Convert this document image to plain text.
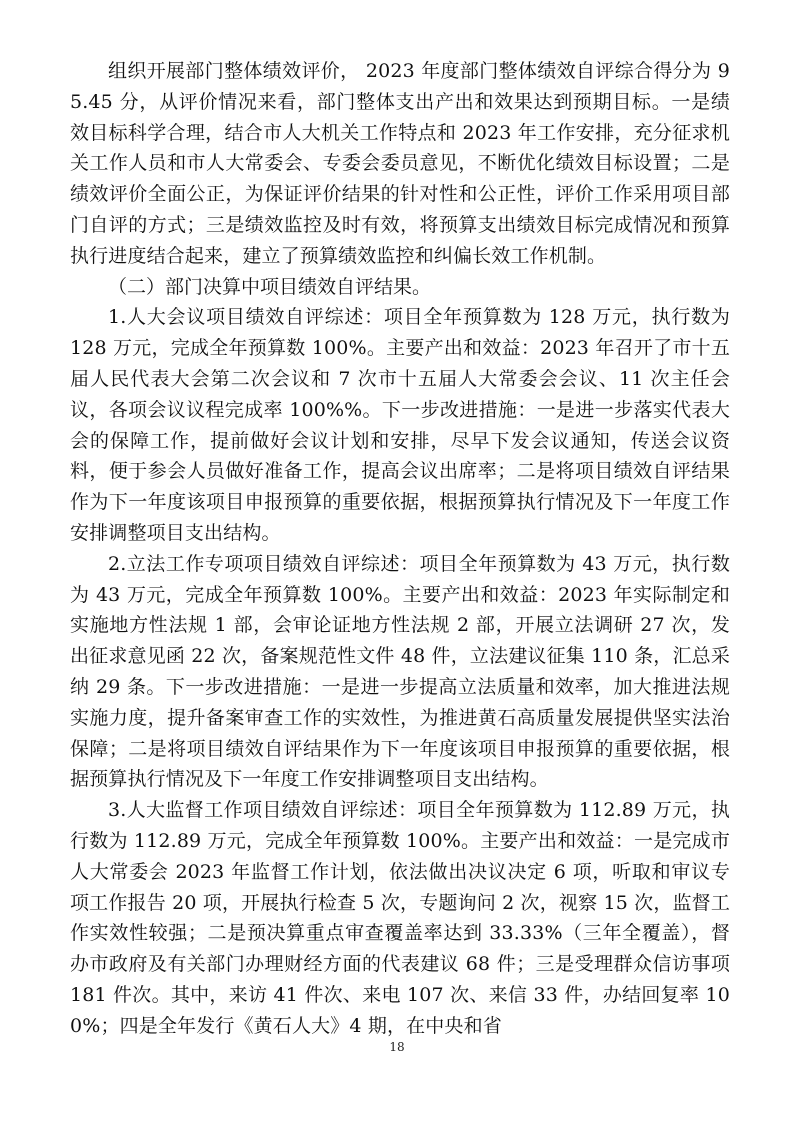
组织开展部门整体绩效评价， 2023 年度部门整体绩效自评综合得分为 95.45 分，从评价情况来看，部门整体支出产出和效果达到预期目标。一是绩效目标科学合理，结合市人大机关工作特点和 2023 年工作安排，充分征求机关工作人员和市人大常委会、专委会委员意见，不断优化绩效目标设置；二是绩效评价全面公正，为保证评价结果的针对性和公正性，评价工作采用项目部门自评的方式；三是绩效监控及时有效，将预算支出绩效目标完成情况和预算执行进度结合起来，建立了预算绩效监控和纠偏长效工作机制。

（二）部门决算中项目绩效自评结果。

1.人大会议项目绩效自评综述：项目全年预算数为 128 万元，执行数为 128 万元，完成全年预算数 100%。主要产出和效益：2023 年召开了市十五届人民代表大会第二次会议和 7 次市十五届人大常委会会议、11 次主任会议，各项会议议程完成率 100%%。下一步改进措施：一是进一步落实代表大会的保障工作，提前做好会议计划和安排，尽早下发会议通知，传送会议资料，便于参会人员做好准备工作，提高会议出席率；二是将项目绩效自评结果作为下一年度该项目申报预算的重要依据，根据预算执行情况及下一年度工作安排调整项目支出结构。

2.立法工作专项项目绩效自评综述：项目全年预算数为 43 万元，执行数为 43 万元，完成全年预算数 100%。主要产出和效益：2023 年实际制定和实施地方性法规 1 部，会审论证地方性法规 2 部，开展立法调研 27 次，发出征求意见函 22 次，备案规范性文件 48 件，立法建议征集 110 条，汇总采纳 29 条。下一步改进措施：一是进一步提高立法质量和效率，加大推进法规实施力度，提升备案审查工作的实效性，为推进黄石高质量发展提供坚实法治保障；二是将项目绩效自评结果作为下一年度该项目申报预算的重要依据，根据预算执行情况及下一年度工作安排调整项目支出结构。

3.人大监督工作项目绩效自评综述：项目全年预算数为 112.89 万元，执行数为 112.89 万元，完成全年预算数 100%。主要产出和效益：一是完成市人大常委会 2023 年监督工作计划，依法做出决议决定 6 项，听取和审议专项工作报告 20 项，开展执行检查 5 次，专题询问 2 次，视察 15 次，监督工作实效性较强；二是预决算重点审查覆盖率达到 33.33%（三年全覆盖），督办市政府及有关部门办理财经方面的代表建议 68 件；三是受理群众信访事项 181 件次。其中，来访 41 件次、来电 107 次、来信 33 件，办结回复率 100%；四是全年发行《黄石人大》4 期，在中央和省

18
